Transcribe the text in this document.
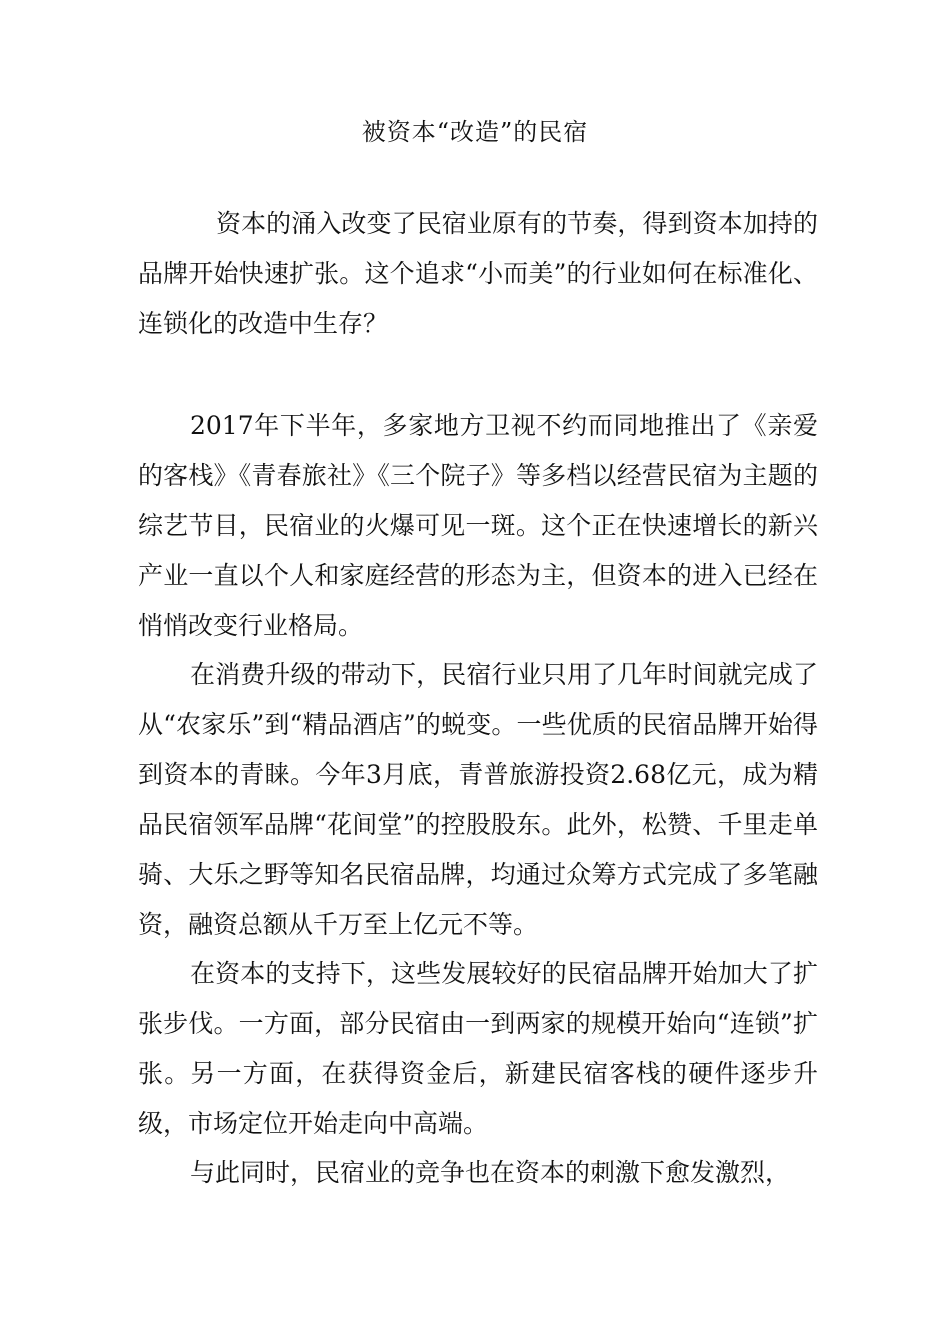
被资本“改造”的民宿

资本的涌入改变了民宿业原有的节奏，得到资本加持的品牌开始快速扩张。这个追求“小而美”的行业如何在标准化、连锁化的改造中生存？

2017年下半年，多家地方卫视不约而同地推出了《亲爱的客栈》《青春旅社》《三个院子》等多档以经营民宿为主题的综艺节目，民宿业的火爆可见一斑。这个正在快速增长的新兴产业一直以个人和家庭经营的形态为主，但资本的进入已经在悄悄改变行业格局。

在消费升级的带动下，民宿行业只用了几年时间就完成了从“农家乐”到“精品酒店”的蜕变。一些优质的民宿品牌开始得到资本的青睐。今年3月底，青普旅游投资2.68亿元，成为精品民宿领军品牌“花间堂”的控股股东。此外，松赞、千里走单骑、大乐之野等知名民宿品牌，均通过众筹方式完成了多笔融资，融资总额从千万至上亿元不等。

在资本的支持下，这些发展较好的民宿品牌开始加大了扩张步伐。一方面，部分民宿由一到两家的规模开始向“连锁”扩张。另一方面，在获得资金后，新建民宿客栈的硬件逐步升级，市场定位开始走向中高端。

与此同时，民宿业的竞争也在资本的刺激下愈发激烈，
